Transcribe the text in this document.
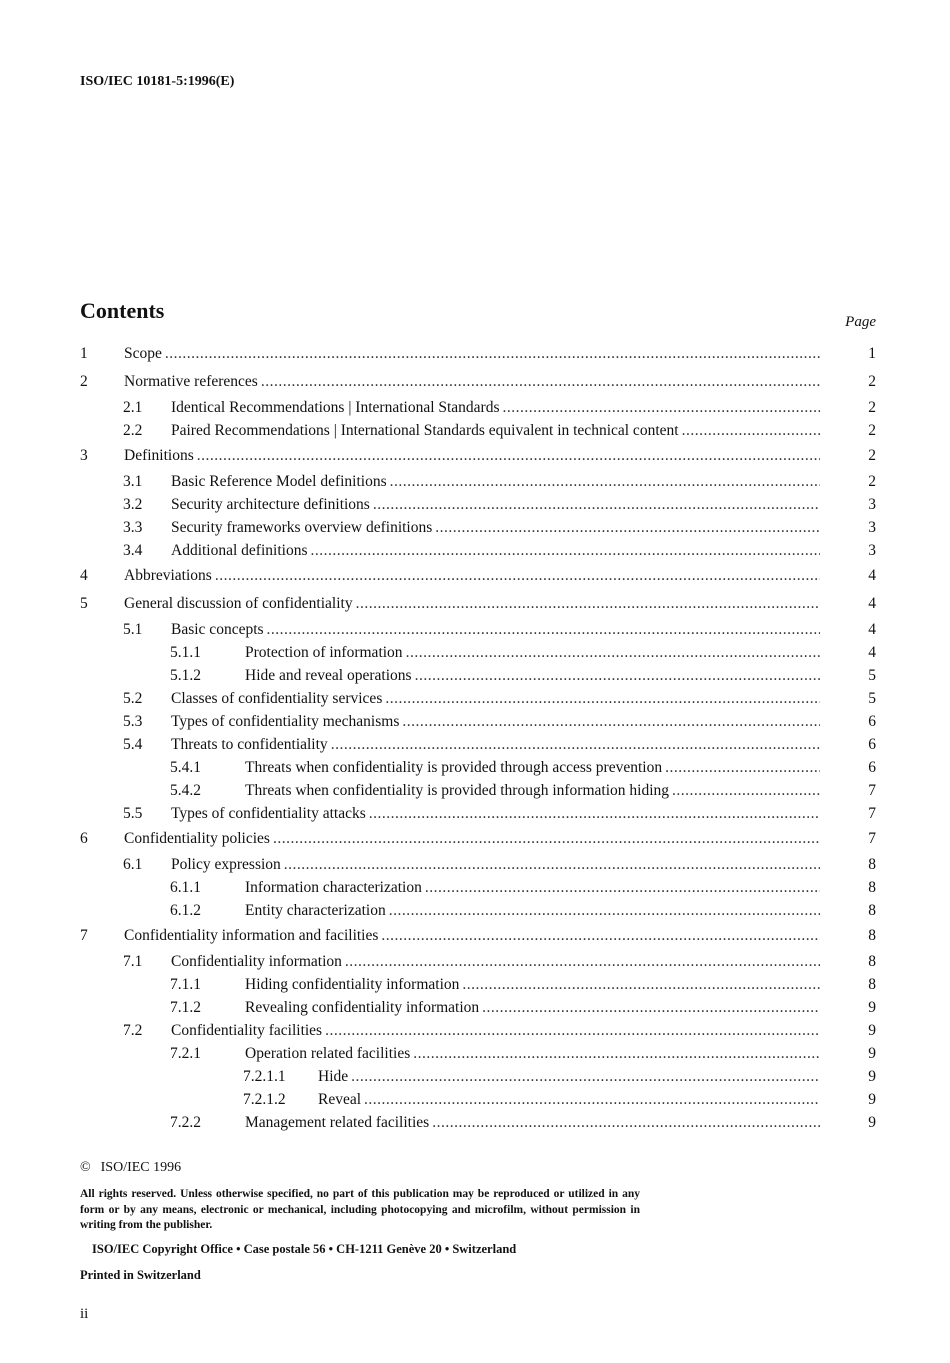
ISO/IEC 10181-5:1996(E)
Contents	Page
1 Scope .....	1
2 Normative references .....	2
2.1 Identical Recommendations | International Standards .....	2
2.2 Paired Recommendations | International Standards equivalent in technical content .....	2
3 Definitions .....	2
3.1 Basic Reference Model definitions .....	2
3.2 Security architecture definitions .....	3
3.3 Security frameworks overview definitions .....	3
3.4 Additional definitions .....	3
4 Abbreviations .....	4
5 General discussion of confidentiality .....	4
5.1 Basic concepts .....	4
5.1.1	Protection of information .....	4
5.1.2	Hide and reveal operations .....	5
5.2 Classes of confidentiality services .....	5
5.3 Types of confidentiality mechanisms .....	6
5.4 Threats to confidentiality .....	6
5.4.1	Threats when confidentiality is provided through access prevention .....	6
5.4.2	Threats when confidentiality is provided through information hiding .....	7
5.5 Types of confidentiality attacks .....	7
6 Confidentiality policies .....	7
6.1 Policy expression .....	8
6.1.1	Information characterization .....	8
6.1.2	Entity characterization .....	8
7 Confidentiality information and facilities .....	8
7.1 Confidentiality information .....	8
7.1.1	Hiding confidentiality information .....	8
7.1.2	Revealing confidentiality information .....	9
7.2 Confidentiality facilities .....	9
7.2.1	Operation related facilities .....	9
7.2.1.1 Hide .....	9
7.2.1.2 Reveal .....	9
7.2.2	Management related facilities .....	9
© ISO/IEC 1996
All rights reserved. Unless otherwise specified, no part of this publication may be reproduced or utilized in any form or by any means, electronic or mechanical, including photocopying and microfilm, without permission in writing from the publisher.
ISO/IEC Copyright Office • Case postale 56 • CH-1211 Genève 20 • Switzerland
Printed in Switzerland
ii
